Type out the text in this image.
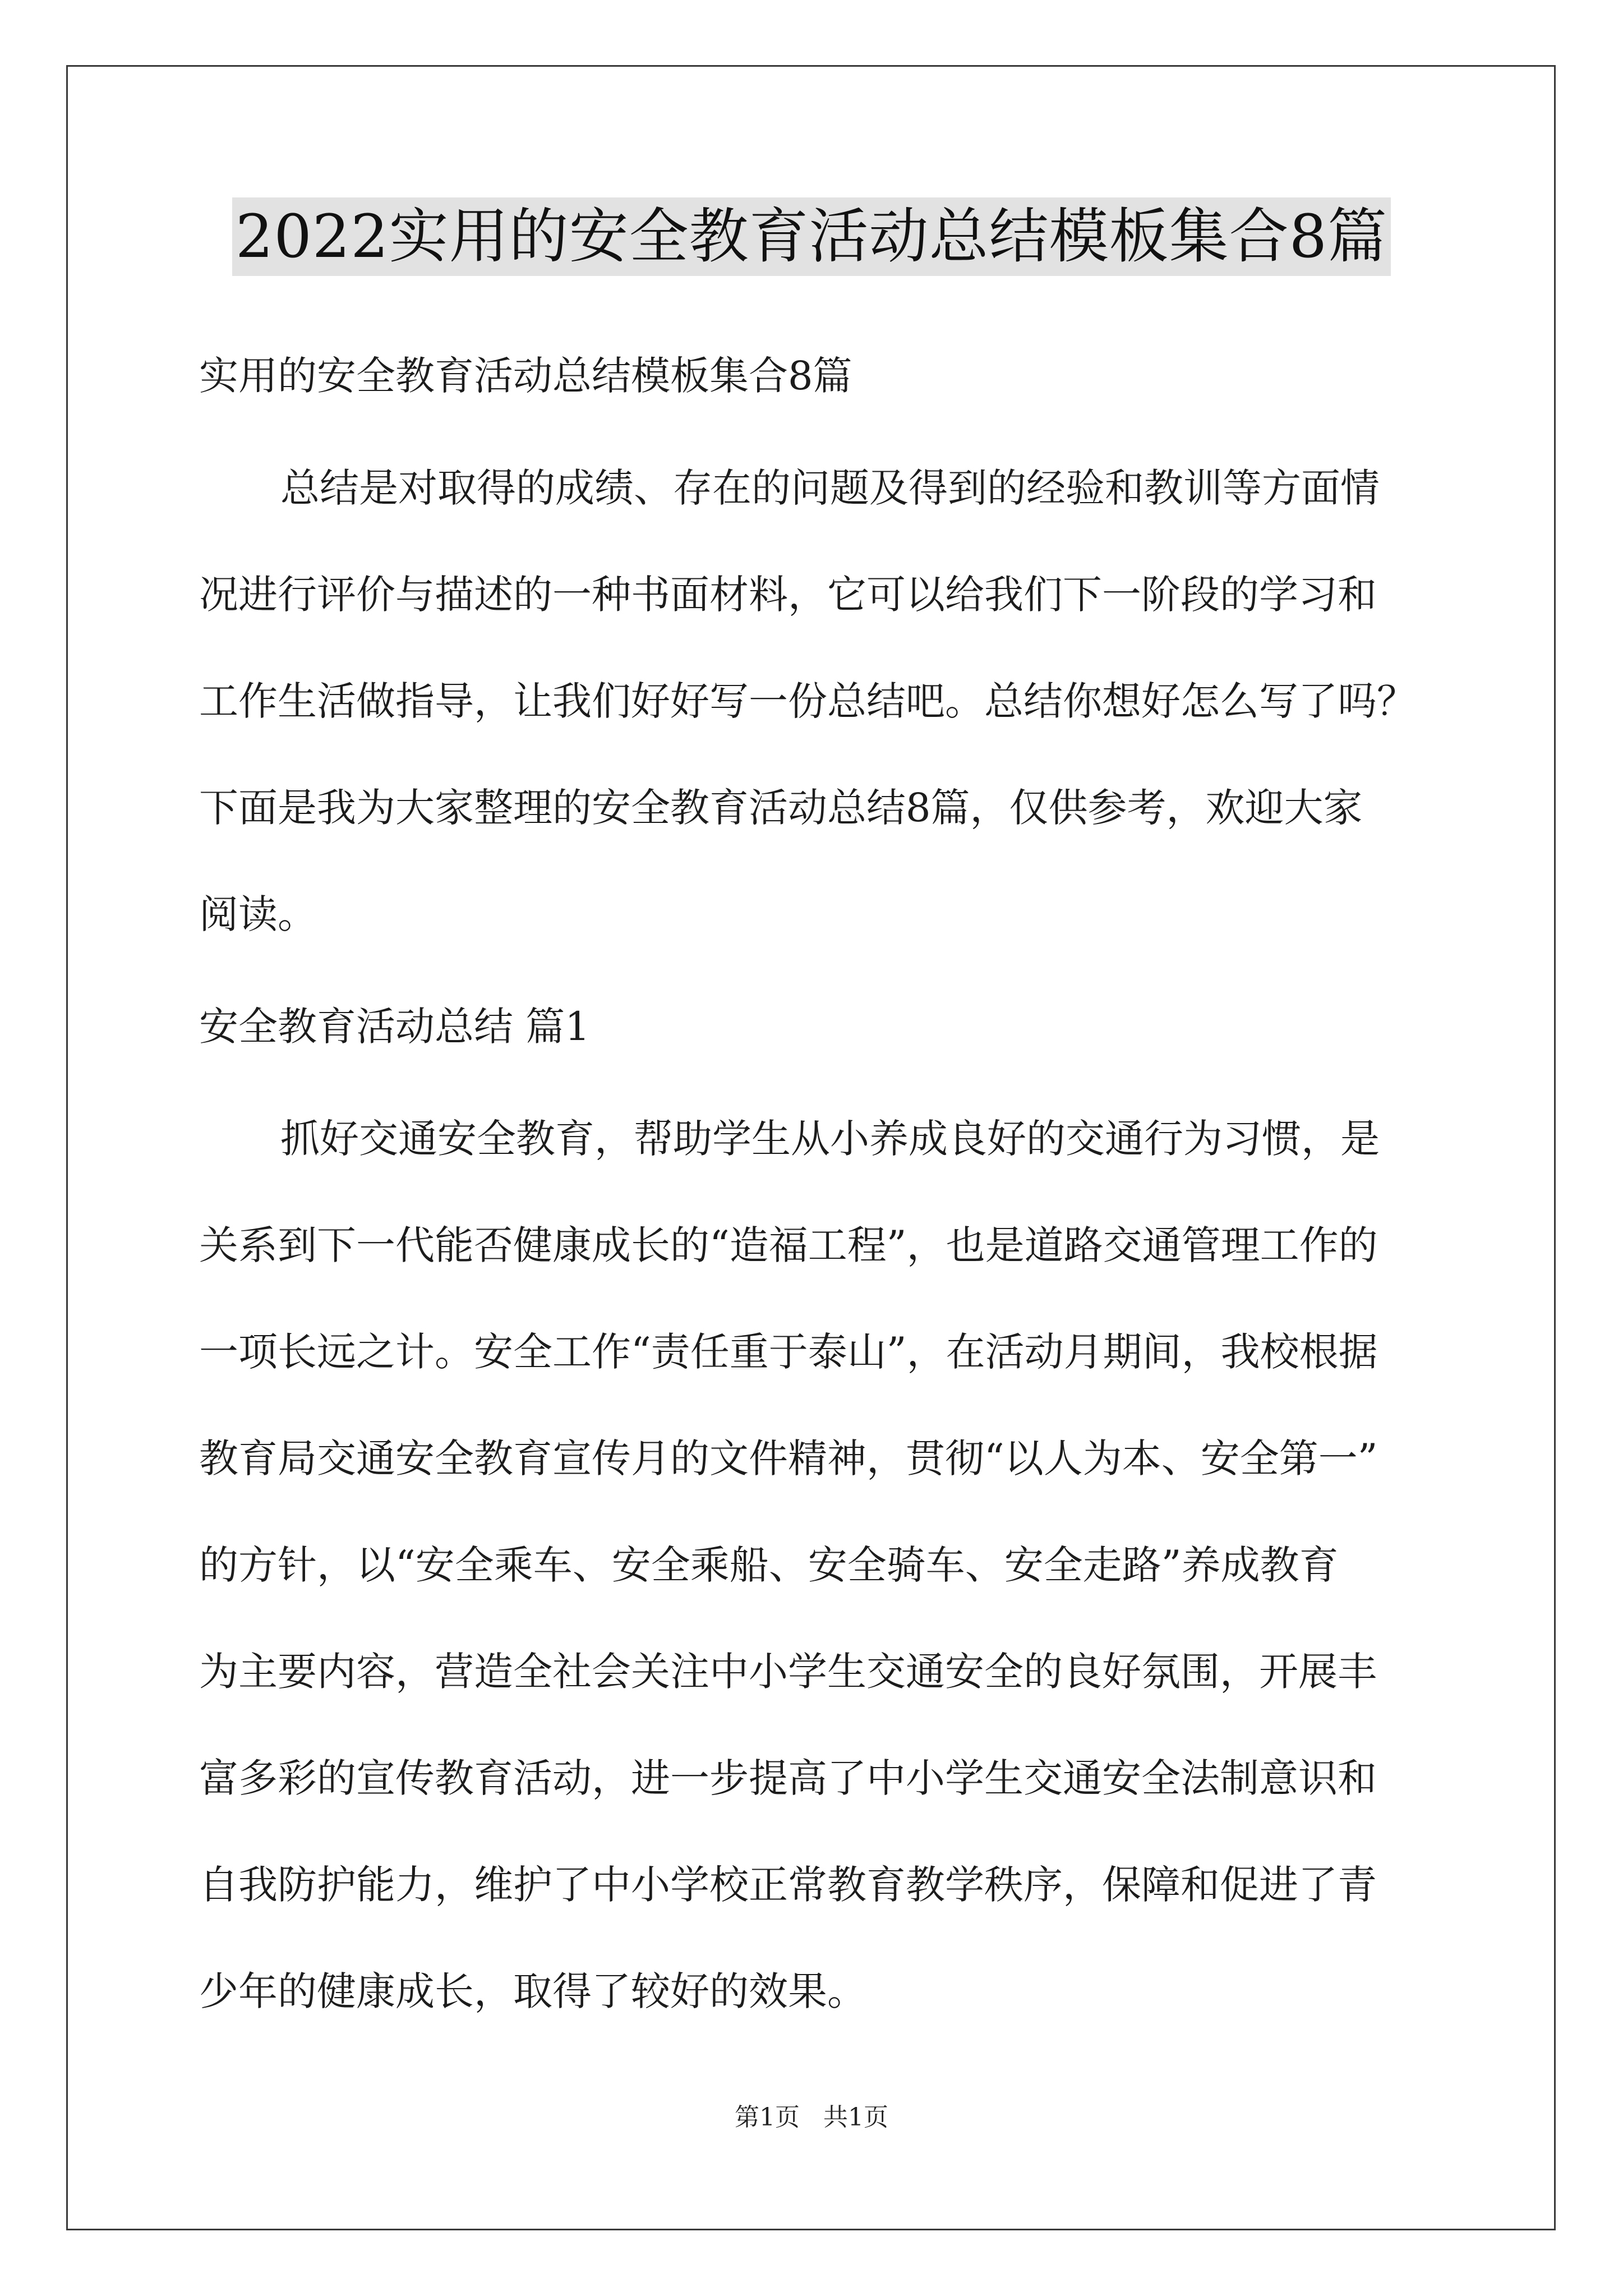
2022实用的安全教育活动总结模板集合8篇
实用的安全教育活动总结模板集合8篇
总结是对取得的成绩、存在的问题及得到的经验和教训等方面情
况进行评价与描述的一种书面材料，它可以给我们下一阶段的学习和
工作生活做指导，让我们好好写一份总结吧。总结你想好怎么写了吗？
下面是我为大家整理的安全教育活动总结8篇，仅供参考，欢迎大家
阅读。
安全教育活动总结 篇1
抓好交通安全教育，帮助学生从小养成良好的交通行为习惯，是
关系到下一代能否健康成长的“造福工程”，也是道路交通管理工作的
一项长远之计。安全工作“责任重于泰山”，在活动月期间，我校根据
教育局交通安全教育宣传月的文件精神，贯彻“以人为本、安全第一”
的方针，以“安全乘车、安全乘船、安全骑车、安全走路”养成教育
为主要内容，营造全社会关注中小学生交通安全的良好氛围，开展丰
富多彩的宣传教育活动，进一步提高了中小学生交通安全法制意识和
自我防护能力，维护了中小学校正常教育教学秩序，保障和促进了青
少年的健康成长，取得了较好的效果。
第1页   共1页
